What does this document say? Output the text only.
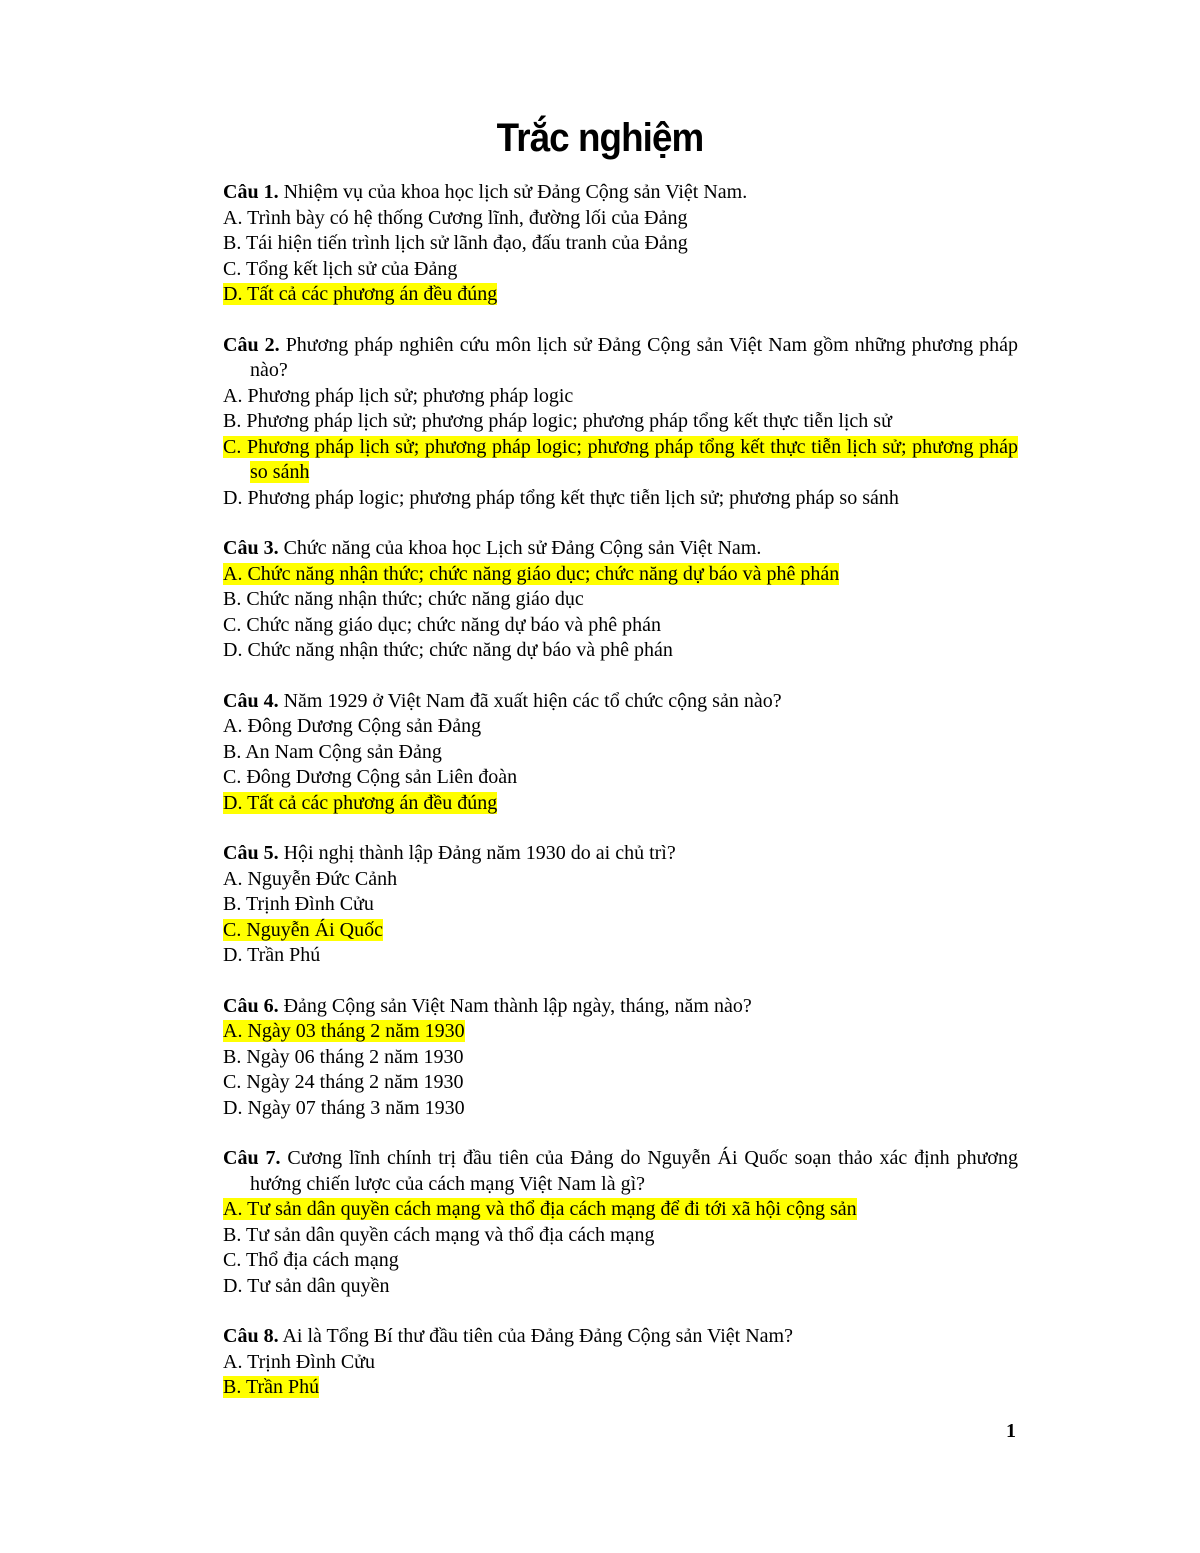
Trắc nghiệm
Câu 1. Nhiệm vụ của khoa học lịch sử Đảng Cộng sản Việt Nam.
A. Trình bày có hệ thống Cương lĩnh, đường lối của Đảng
B. Tái hiện tiến trình lịch sử lãnh đạo, đấu tranh của Đảng
C. Tổng kết lịch sử của Đảng
D. Tất cả các phương án đều đúng
Câu 2. Phương pháp nghiên cứu môn lịch sử Đảng Cộng sản Việt Nam gồm những phương pháp nào?
A. Phương pháp lịch sử; phương pháp logic
B. Phương pháp lịch sử; phương pháp logic; phương pháp tổng kết thực tiễn lịch sử
C. Phương pháp lịch sử; phương pháp logic; phương pháp tổng kết thực tiễn lịch sử; phương pháp so sánh
D. Phương pháp logic; phương pháp tổng kết thực tiễn lịch sử; phương pháp so sánh
Câu 3. Chức năng của khoa học Lịch sử Đảng Cộng sản Việt Nam.
A. Chức năng nhận thức; chức năng giáo dục; chức năng dự báo và phê phán
B. Chức năng nhận thức; chức năng giáo dục
C. Chức năng giáo dục; chức năng dự báo và phê phán
D. Chức năng nhận thức; chức năng dự báo và phê phán
Câu 4. Năm 1929 ở Việt Nam đã xuất hiện các tổ chức cộng sản nào?
A. Đông Dương Cộng sản Đảng
B. An Nam Cộng sản Đảng
C. Đông Dương Cộng sản Liên đoàn
D. Tất cả các phương án đều đúng
Câu 5. Hội nghị thành lập Đảng năm 1930 do ai chủ trì?
A. Nguyễn Đức Cảnh
B. Trịnh Đình Cửu
C. Nguyễn Ái Quốc
D. Trần Phú
Câu 6. Đảng Cộng sản Việt Nam thành lập ngày, tháng, năm nào?
A. Ngày 03 tháng 2 năm 1930
B. Ngày 06 tháng 2 năm 1930
C. Ngày 24 tháng 2 năm 1930
D. Ngày 07 tháng 3 năm 1930
Câu 7. Cương lĩnh chính trị đầu tiên của Đảng do Nguyễn Ái Quốc soạn thảo xác định phương hướng chiến lược của cách mạng Việt Nam là gì?
A. Tư sản dân quyền cách mạng và thổ địa cách mạng để đi tới xã hội cộng sản
B. Tư sản dân quyền cách mạng và thổ địa cách mạng
C. Thổ địa cách mạng
D. Tư sản dân quyền
Câu 8. Ai là Tổng Bí thư đầu tiên của Đảng Đảng Cộng sản Việt Nam?
A. Trịnh Đình Cửu
B. Trần Phú
1
